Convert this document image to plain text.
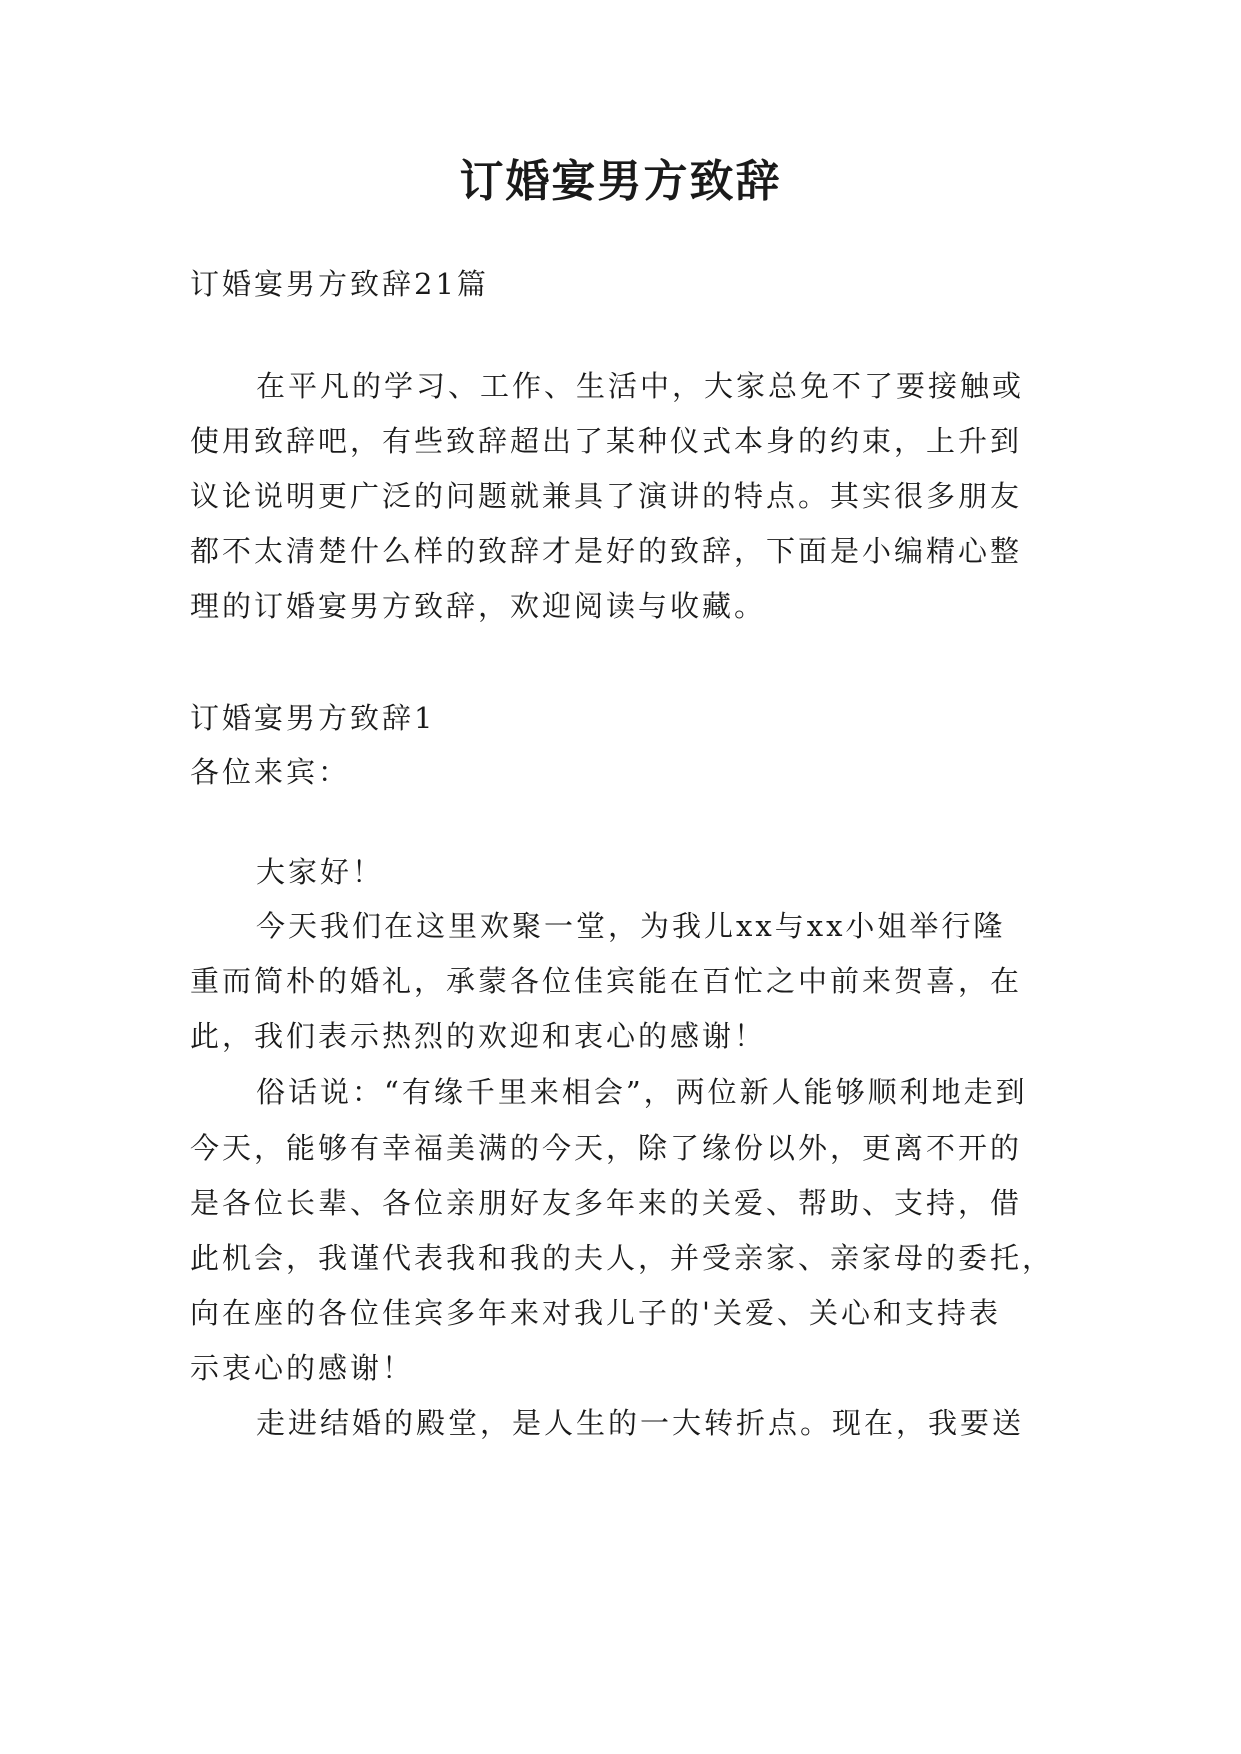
订婚宴男方致辞

订婚宴男方致辞21篇

在平凡的学习、工作、生活中，大家总免不了要接触或

使用致辞吧，有些致辞超出了某种仪式本身的约束，上升到

议论说明更广泛的问题就兼具了演讲的特点。其实很多朋友

都不太清楚什么样的致辞才是好的致辞，下面是小编精心整

理的订婚宴男方致辞，欢迎阅读与收藏。

订婚宴男方致辞1

各位来宾：

大家好！

今天我们在这里欢聚一堂，为我儿xx与xx小姐举行隆

重而简朴的婚礼，承蒙各位佳宾能在百忙之中前来贺喜，在

此，我们表示热烈的欢迎和衷心的感谢！

俗话说：“有缘千里来相会”，两位新人能够顺利地走到

今天，能够有幸福美满的今天，除了缘份以外，更离不开的

是各位长辈、各位亲朋好友多年来的关爱、帮助、支持，借

此机会，我谨代表我和我的夫人，并受亲家、亲家母的委托，

向在座的各位佳宾多年来对我儿子的'关爱、关心和支持表

示衷心的感谢！

走进结婚的殿堂，是人生的一大转折点。现在，我要送
